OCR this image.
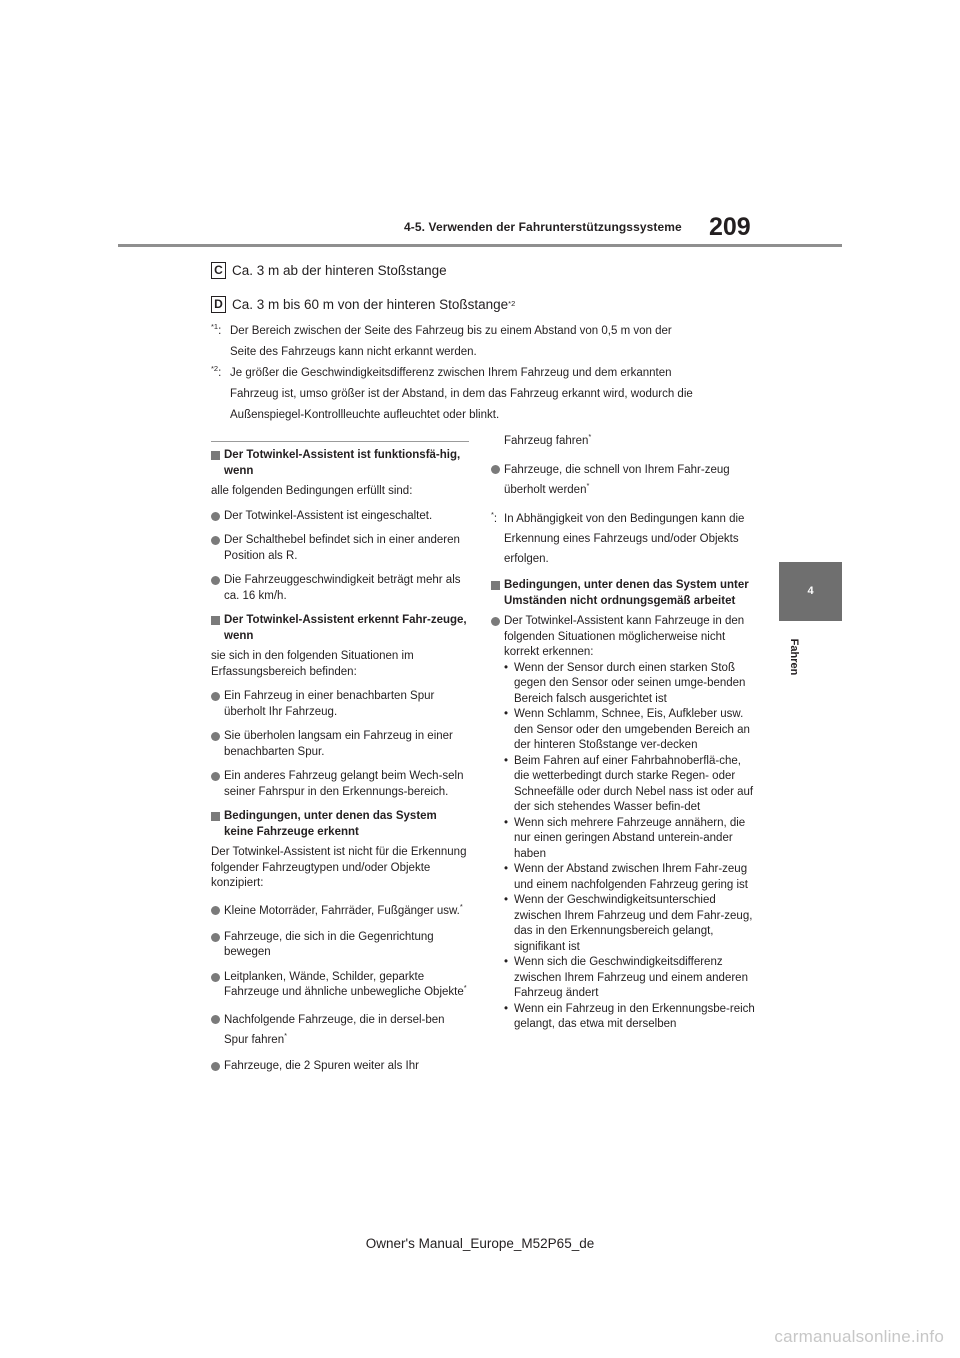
4-5. Verwenden der Fahrunterstützungssysteme 209
4
Fahren
C Ca. 3 m ab der hinteren Stoßstange
D Ca. 3 m bis 60 m von der hinteren Stoßstange *2
$^{*1}$: Der Bereich zwischen der Seite des Fahrzeug bis zu einem Abstand von 0,5 m von der
Seite des Fahrzeugs kann nicht erkannt werden.
$^{*2}$: Je größer die Geschwindigkeitsdifferenz zwischen Ihrem Fahrzeug und dem erkannten
Fahrzeug ist, umso größer ist der Abstand, in dem das Fahrzeug erkannt wird, wodurch die
Außenspiegel-Kontrollleuchte aufleuchtet oder blinkt.
Der Totwinkel-Assistent ist funktionsfä-hig, wenn
alle folgenden Bedingungen erfüllt sind:
Der Totwinkel-Assistent ist eingeschaltet.
Der Schalthebel befindet sich in einer anderen Position als R.
Die Fahrzeuggeschwindigkeit beträgt mehr als ca. 16 km/h.
Der Totwinkel-Assistent erkennt Fahr-zeuge, wenn
sie sich in den folgenden Situationen im Erfassungsbereich befinden:
Ein Fahrzeug in einer benachbarten Spur überholt Ihr Fahrzeug.
Sie überholen langsam ein Fahrzeug in einer benachbarten Spur.
Ein anderes Fahrzeug gelangt beim Wech-seln seiner Fahrspur in den Erkennungs-bereich.
Bedingungen, unter denen das System keine Fahrzeuge erkennt
Der Totwinkel-Assistent ist nicht für die Erkennung folgender Fahrzeugtypen und/oder Objekte konzipiert:
Kleine Motorräder, Fahrräder, Fußgänger usw.*
Fahrzeuge, die sich in die Gegenrichtung bewegen
Leitplanken, Wände, Schilder, geparkte Fahrzeuge und ähnliche unbewegliche Objekte*
Nachfolgende Fahrzeuge, die in dersel-ben Spur fahren*
Fahrzeuge, die 2 Spuren weiter als Ihr
Fahrzeug fahren*
Fahrzeuge, die schnell von Ihrem Fahr-zeug überholt werden*
*: In Abhängigkeit von den Bedingungen kann die Erkennung eines Fahrzeugs und/oder Objekts erfolgen.
Bedingungen, unter denen das System unter Umständen nicht ordnungsgemäß arbeitet
Der Totwinkel-Assistent kann Fahrzeuge in den folgenden Situationen möglicherweise nicht korrekt erkennen:
• Wenn der Sensor durch einen starken Stoß gegen den Sensor oder seinen umge-benden Bereich falsch ausgerichtet ist
• Wenn Schlamm, Schnee, Eis, Aufkleber usw. den Sensor oder den umgebenden Bereich an der hinteren Stoßstange ver-decken
• Beim Fahren auf einer Fahrbahnoberflä-che, die wetterbedingt durch starke Regen- oder Schneefälle oder durch Nebel nass ist oder auf der sich stehendes Wasser befin-det
• Wenn sich mehrere Fahrzeuge annähern, die nur einen geringen Abstand unterein-ander haben
• Wenn der Abstand zwischen Ihrem Fahr-zeug und einem nachfolgenden Fahrzeug gering ist
• Wenn der Geschwindigkeitsunterschied zwischen Ihrem Fahrzeug und dem Fahr-zeug, das in den Erkennungsbereich gelangt, signifikant ist
• Wenn sich die Geschwindigkeitsdifferenz zwischen Ihrem Fahrzeug und einem anderen Fahrzeug ändert
• Wenn ein Fahrzeug in den Erkennungsbe-reich gelangt, das etwa mit derselben
Owner's Manual_Europe_M52P65_de
carmanualsonline.info
